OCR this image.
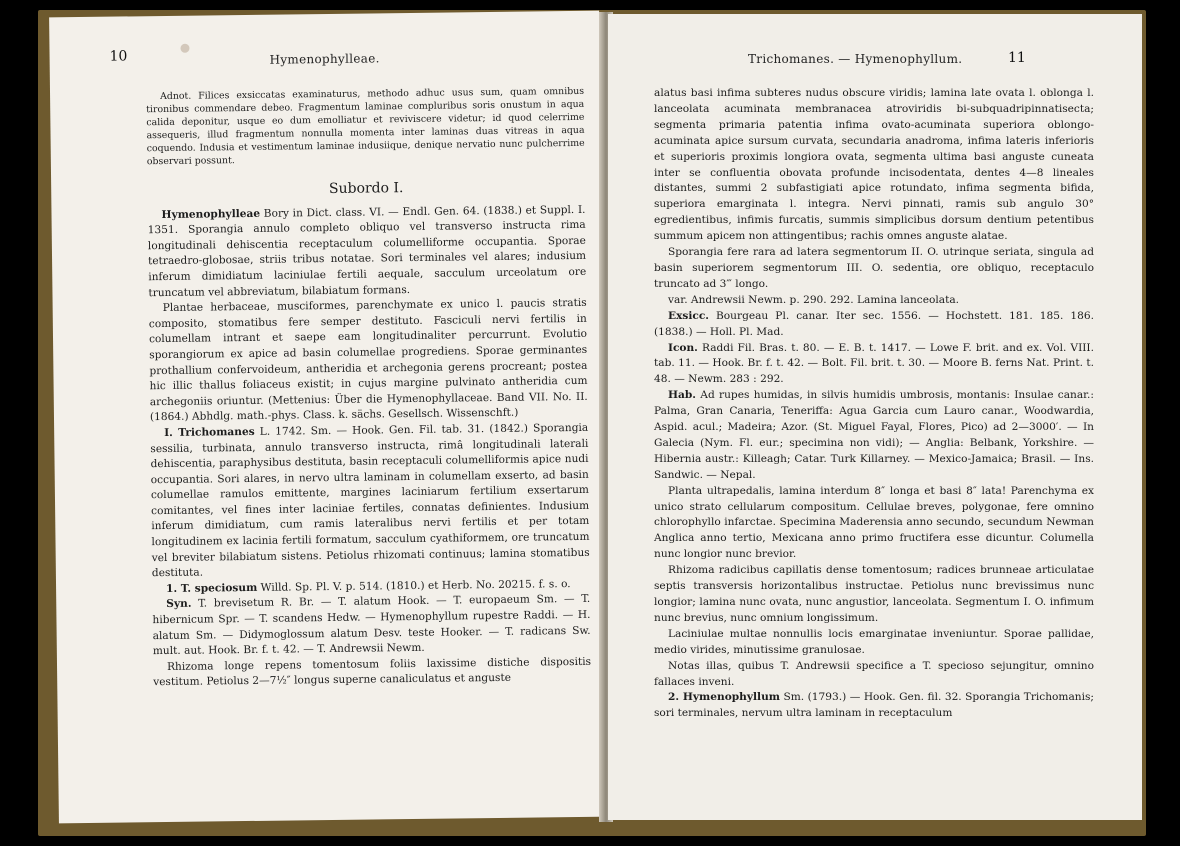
10	Hymenophylleae.

Adnot. Filices exsiccatas examinaturus, methodo adhuc usus sum, quam omnibus tironibus commendare debeo. Fragmentum laminae compluribus soris onustum in aqua calida deponitur, usque eo dum emolliatur et reviviscere videtur; id quod celerrime assequeris, illud fragmentum nonnulla momenta inter laminas duas vitreas in aqua coquendo. Indusia et vestimentum laminae indusiique, denique nervatio nunc pulcherrime observari possunt.

Subordo I.

Hymenophylleae Bory in Dict. class. VI. — Endl. Gen. 64. (1838.) et Suppl. I. 1351. Sporangia annulo completo obliquo vel transverso instructa rima longitudinali dehiscentia receptaculum columelliforme occupantia. Sporae tetraedro-globosae, striis tribus notatae. Sori terminales vel alares; indusium inferum dimidiatum laciniulae fertili aequale, sacculum urceolatum ore truncatum vel abbreviatum, bilabiatum formans.

Plantae herbaceae, musciformes, parenchymate ex unico l. paucis stratis composito, stomatibus fere semper destituto. Fasciculi nervi fertilis in columellam intrant et saepe eam longitudinaliter percurrunt. Evolutio sporangiorum ex apice ad basin columellae progrediens. Sporae germinantes prothallium confervoideum, antheridia et archegonia gerens procreant; postea hic illic thallus foliaceus existit; in cujus margine pulvinato antheridia cum archegoniis oriuntur. (Mettenius: Über die Hymenophyllaceae. Band VII. No. II. (1864.) Abhdlg. math.-phys. Class. k. sächs. Gesellsch. Wissenschft.)

I. Trichomanes L. 1742. Sm. — Hook. Gen. Fil. tab. 31. (1842.) Sporangia sessilia, turbinata, annulo transverso instructa, rimâ longitudinali laterali dehiscentia, paraphysibus destituta, basin receptaculi columelliformis apice nudi occupantia. Sori alares, in nervo ultra laminam in columellam exserto, ad basin columellae ramulos emittente, margines laciniarum fertilium exsertarum comitantes, vel fines inter laciniae fertiles, connatas definientes. Indusium inferum dimidiatum, cum ramis lateralibus nervi fertilis et per totam longitudinem ex lacinia fertili formatum, sacculum cyathiformem, ore truncatum vel breviter bilabiatum sistens. Petiolus rhizomati continuus; lamina stomatibus destituta.

1. T. speciosum Willd. Sp. Pl. V. p. 514. (1810.) et Herb. No. 20215. f. s. o.

Syn. T. brevisetum R. Br. — T. alatum Hook. — T. europaeum Sm. — T. hibernicum Spr. — T. scandens Hedw. — Hymenophyllum rupestre Raddi. — H. alatum Sm. — Didymoglossum alatum Desv. teste Hooker. — T. radicans Sw. mult. aut. Hook. Br. f. t. 42. — T. Andrewsii Newm.

Rhizoma longe repens tomentosum foliis laxissime distiche dispositis vestitum. Petiolus 2—7½″ longus superne canaliculatus et anguste

Trichomanes. — Hymenophyllum.	11

alatus basi infima subteres nudus obscure viridis; lamina late ovata l. oblonga l. lanceolata acuminata membranacea atroviridis bi-subquadripinnatisecta; segmenta primaria patentia infima ovato-acuminata superiora oblongo-acuminata apice sursum curvata, secundaria anadroma, infima lateris inferioris et superioris proximis longiora ovata, segmenta ultima basi anguste cuneata inter se confluentia obovata profunde incisodentata, dentes 4—8 lineales distantes, summi 2 subfastigiati apice rotundato, infima segmenta bifida, superiora emarginata l. integra. Nervi pinnati, ramis sub angulo 30° egredientibus, infimis furcatis, summis simplicibus dorsum dentium petentibus summum apicem non attingentibus; rachis omnes anguste alatae.

Sporangia fere rara ad latera segmentorum II. O. utrinque seriata, singula ad basin superiorem segmentorum III. O. sedentia, ore obliquo, receptaculo truncato ad 3‴ longo.

var. Andrewsii Newm. p. 290. 292. Lamina lanceolata.

Exsicc. Bourgeau Pl. canar. Iter sec. 1556. — Hochstett. 181. 185. 186. (1838.) — Holl. Pl. Mad.

Icon. Raddi Fil. Bras. t. 80. — E. B. t. 1417. — Lowe F. brit. and ex. Vol. VIII. tab. 11. — Hook. Br. f. t. 42. — Bolt. Fil. brit. t. 30. — Moore B. ferns Nat. Print. t. 48. — Newm. 283 : 292.

Hab. Ad rupes humidas, in silvis humidis umbrosis, montanis: Insulae canar.: Palma, Gran Canaria, Teneriffa: Agua Garcia cum Lauro canar., Woodwardia, Aspid. acul.; Madeira; Azor. (St. Miguel Fayal, Flores, Pico) ad 2—3000′. — In Galecia (Nym. Fl. eur.; specimina non vidi); — Anglia: Belbank, Yorkshire. — Hibernia austr.: Killeagh; Catar. Turk Killarney. — Mexico-Jamaica; Brasil. — Ins. Sandwic. — Nepal.

Planta ultrapedalis, lamina interdum 8″ longa et basi 8″ lata! Parenchyma ex unico strato cellularum compositum. Cellulae breves, polygonae, fere omnino chlorophyllo infarctae. Specimina Maderensia anno secundo, secundum Newman Anglica anno tertio, Mexicana anno primo fructifera esse dicuntur. Columella nunc longior nunc brevior.

Rhizoma radicibus capillatis dense tomentosum; radices brunneae articulatae septis transversis horizontalibus instructae. Petiolus nunc brevissimus nunc longior; lamina nunc ovata, nunc angustior, lanceolata. Segmentum I. O. infimum nunc brevius, nunc omnium longissimum.

Laciniulae multae nonnullis locis emarginatae inveniuntur. Sporae pallidae, medio virides, minutissime granulosae.

Notas illas, quibus T. Andrewsii specifice a T. specioso sejungitur, omnino fallaces inveni.

2. Hymenophyllum Sm. (1793.) — Hook. Gen. fil. 32. Sporangia Trichomanis; sori terminales, nervum ultra laminam in receptaculum
